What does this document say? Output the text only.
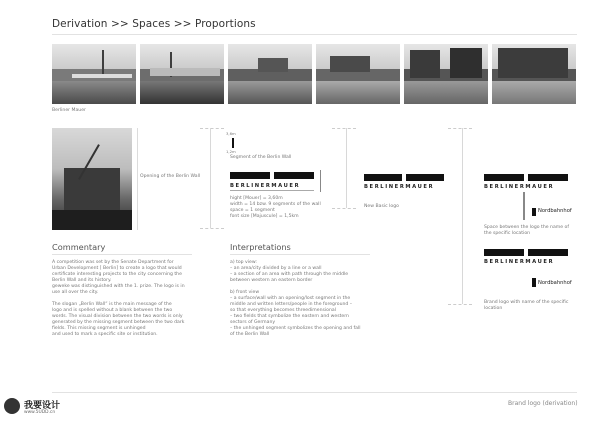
Derivation >> Spaces >> Proportions
Berliner Mauer
Opening of the Berlin Wall
3,6m
1,2m
Segment of the Berlin Wall
BERLINERMAUER
hight [Mouer] = 3,60m
width = 14 bzw. 9 segments of the wall
space = 1 segment
font size [Majuscule] = 1,5km
BERLINERMAUER
New Basic logo
BERLINERMAUER
Nordbahnhof
Space between the logo the name of
the specific location
BERLINERMAUER
Nordbahnhof
Brand logo with name of the specific
location
Commentary
A competition was set by the Senate Department for
Urban Development [ Berlin] to create a logo that would
certificate interesting projects to the city concerning the
Berlin Wall and its history.
geweke was distinguished with the 1. prize. The logo is in
use all over the city.
The slogan „Berlin Wall“ is the main message of the
logo and is spelled without a blank between the two
words. The visual division between the two words is only
generated by the missing segment between the two dark
fields. This missing segment is unhinged
and used to mark a specific site or institution.
Interpretations
a) top view:
– an area/city divided by a line or a wall
– a section of an area with path through the middle
between western an eastern border
b) front view
– a surface/wall with an opening/lost segment in the
middle and written letters/people in the foreground –
so that everything becomes threedimensional
– two fields that symbolize the eastern and western
sectors of Germany
– the unhinged segment symbolizes the opening and fall
of the Berlin Wall
Brand logo (derivation)
我要设计
www.5UDD.cn
